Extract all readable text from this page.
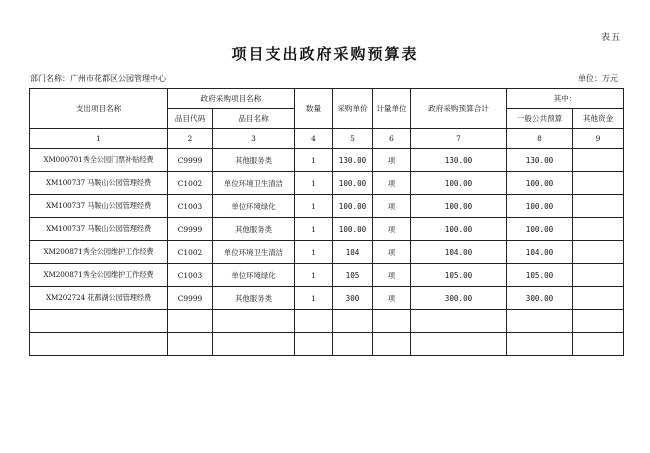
表五
项目支出政府采购预算表
部门名称：广州市花都区公园管理中心	单位：万元
支出项目名称	政府采购项目名称		数量	采购单价	计量单位	政府采购预算合计	其中：	
	品目代码	品目名称					一般公共预算	其他资金
1	2	3	4	5	6	7	8	9
XM000701秀全公园门票补贴经费	C9999	其他服务类	1	130.00	项	130.00	130.00	
XM100737 马鞍山公园管理经费	C1002	单位环境卫生清洁	1	100.00	项	100.00	100.00	
XM100737 马鞍山公园管理经费	C1003	单位环境绿化	1	100.00	项	100.00	100.00	
XM100737 马鞍山公园管理经费	C9999	其他服务类	1	100.00	项	100.00	100.00	
XM200871秀全公园维护工作经费	C1002	单位环境卫生清洁	1	104	项	104.00	104.00	
XM200871秀全公园维护工作经费	C1003	单位环境绿化	1	105	项	105.00	105.00	
XM202724 花都湖公园管理经费	C9999	其他服务类	1	300	项	300.00	300.00	
